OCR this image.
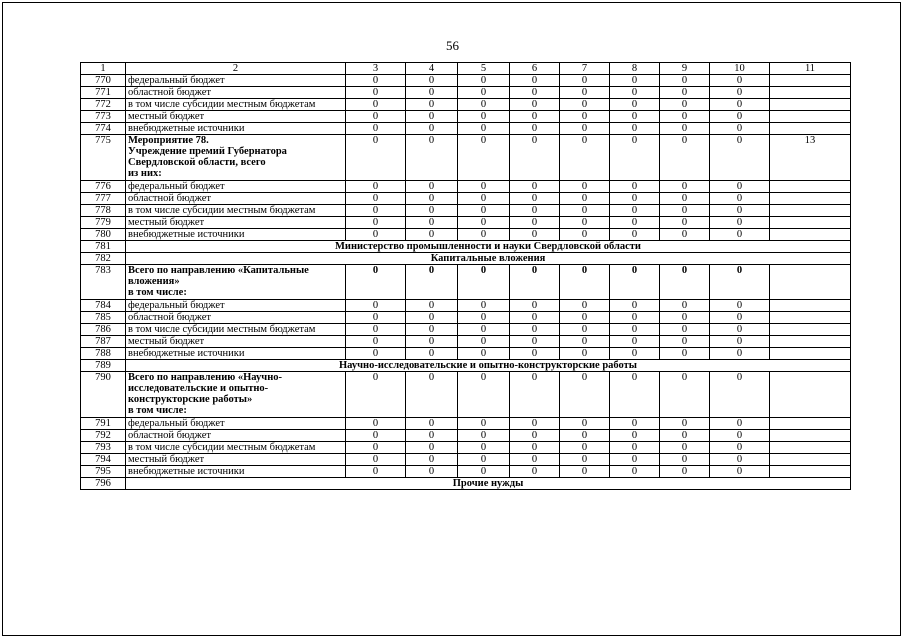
56
1	2	3	4	5	6	7	8	9	10	11
770	федеральный бюджет	0	0	0	0	0	0	0	0	
771	областной бюджет	0	0	0	0	0	0	0	0	
772	в том числе субсидии местным бюджетам	0	0	0	0	0	0	0	0	
773	местный бюджет	0	0	0	0	0	0	0	0	
774	внебюджетные источники	0	0	0	0	0	0	0	0	
775	Мероприятие 78.
Учреждение премий Губернатора Свердловской области, всего
из них:	0	0	0	0	0	0	0	0	13
776	федеральный бюджет	0	0	0	0	0	0	0	0	
777	областной бюджет	0	0	0	0	0	0	0	0	
778	в том числе субсидии местным бюджетам	0	0	0	0	0	0	0	0	
779	местный бюджет	0	0	0	0	0	0	0	0	
780	внебюджетные источники	0	0	0	0	0	0	0	0	
781	Министерство промышленности и науки Свердловской области									
782	Капитальные вложения									
783	Всего по направлению «Капитальные вложения»
в том числе:	0	0	0	0	0	0	0	0	
784	федеральный бюджет	0	0	0	0	0	0	0	0	
785	областной бюджет	0	0	0	0	0	0	0	0	
786	в том числе субсидии местным бюджетам	0	0	0	0	0	0	0	0	
787	местный бюджет	0	0	0	0	0	0	0	0	
788	внебюджетные источники	0	0	0	0	0	0	0	0	
789	Научно-исследовательские и опытно-конструкторские работы									
790	Всего по направлению «Научно-исследовательские и опытно-конструкторские работы»
в том числе:	0	0	0	0	0	0	0	0	
791	федеральный бюджет	0	0	0	0	0	0	0	0	
792	областной бюджет	0	0	0	0	0	0	0	0	
793	в том числе субсидии местным бюджетам	0	0	0	0	0	0	0	0	
794	местный бюджет	0	0	0	0	0	0	0	0	
795	внебюджетные источники	0	0	0	0	0	0	0	0	
796	Прочие нужды									
